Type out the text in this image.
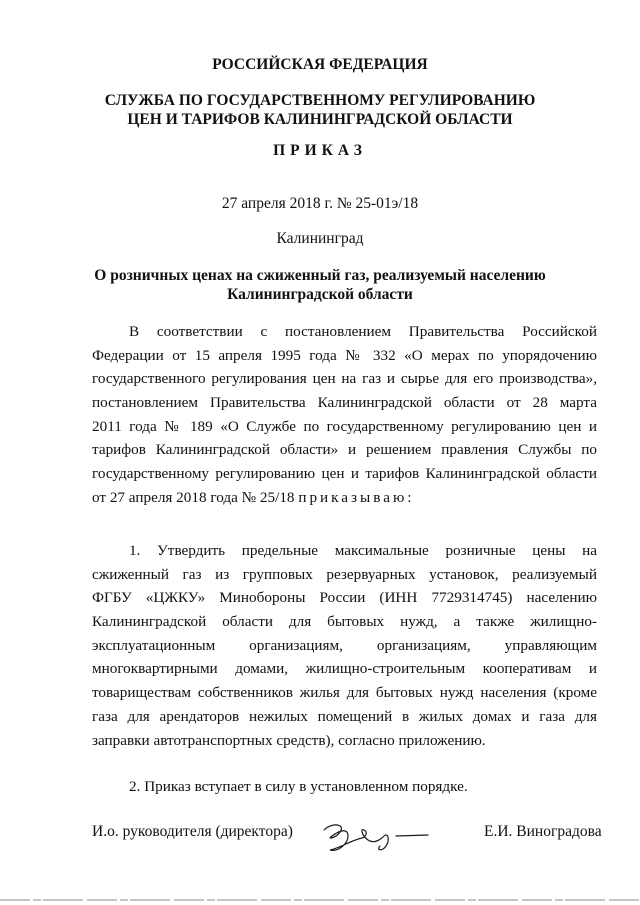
РОССИЙСКАЯ ФЕДЕРАЦИЯ
СЛУЖБА ПО ГОСУДАРСТВЕННОМУ РЕГУЛИРОВАНИЮ
ЦЕН И ТАРИФОВ КАЛИНИНГРАДСКОЙ ОБЛАСТИ
ПРИКАЗ
27 апреля 2018 г. № 25-01э/18
Калининград
О розничных ценах на сжиженный газ, реализуемый населению
Калининградской области
В соответствии с постановлением Правительства Российской
Федерации от 15 апреля 1995 года № 332 «О мерах по упорядочению
государственного регулирования цен на газ и сырье для его производства»,
постановлением Правительства Калининградской области от 28 марта
2011 года № 189 «О Службе по государственному регулированию цен и
тарифов Калининградской области» и решением правления Службы по
государственному регулированию цен и тарифов Калининградской области
от 27 апреля 2018 года № 25/18 приказываю:
1. Утвердить предельные максимальные розничные цены на
сжиженный газ из групповых резервуарных установок, реализуемый
ФГБУ «ЦЖКУ» Минобороны России (ИНН 7729314745) населению
Калининградской области для бытовых нужд, а также жилищно-
эксплуатационным организациям, организациям, управляющим
многоквартирными домами, жилищно-строительным кооперативам и
товариществам собственников жилья для бытовых нужд населения (кроме
газа для арендаторов нежилых помещений в жилых домах и газа для
заправки автотранспортных средств), согласно приложению.
2. Приказ вступает в силу в установленном порядке.
И.о. руководителя (директора)	Е.И. Виноградова
